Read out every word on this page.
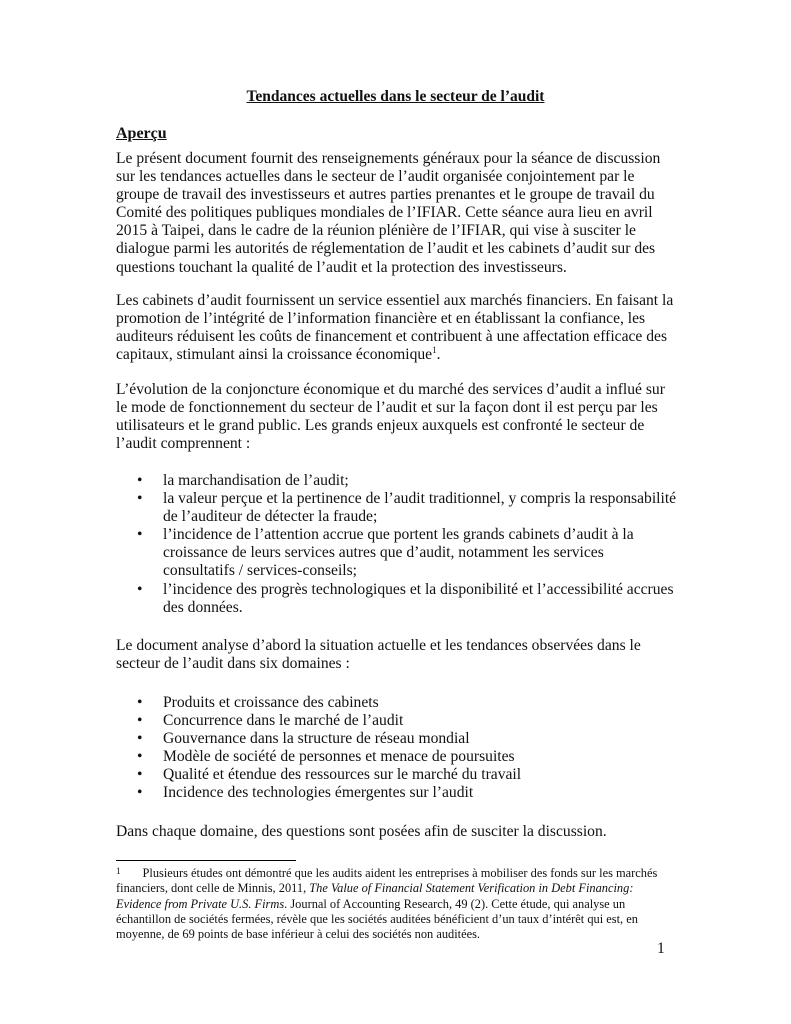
Tendances actuelles dans le secteur de l’audit
Aperçu

Le présent document fournit des renseignements généraux pour la séance de discussion sur les tendances actuelles dans le secteur de l’audit organisée conjointement par le groupe de travail des investisseurs et autres parties prenantes et le groupe de travail du Comité des politiques publiques mondiales de l’IFIAR. Cette séance aura lieu en avril 2015 à Taipei, dans le cadre de la réunion plénière de l’IFIAR, qui vise à susciter le dialogue parmi les autorités de réglementation de l’audit et les cabinets d’audit sur des questions touchant la qualité de l’audit et la protection des investisseurs.

Les cabinets d’audit fournissent un service essentiel aux marchés financiers. En faisant la promotion de l’intégrité de l’information financière et en établissant la confiance, les auditeurs réduisent les coûts de financement et contribuent à une affectation efficace des capitaux, stimulant ainsi la croissance économique$^1$.

L’évolution de la conjoncture économique et du marché des services d’audit a influé sur le mode de fonctionnement du secteur de l’audit et sur la façon dont il est perçu par les utilisateurs et le grand public. Les grands enjeux auxquels est confronté le secteur de l’audit comprennent :

• la marchandisation de l’audit;
• la valeur perçue et la pertinence de l’audit traditionnel, y compris la responsabilité de l’auditeur de détecter la fraude;
• l’incidence de l’attention accrue que portent les grands cabinets d’audit à la croissance de leurs services autres que d’audit, notamment les services consultatifs / services-conseils;
• l’incidence des progrès technologiques et la disponibilité et l’accessibilité accrues des données.

Le document analyse d’abord la situation actuelle et les tendances observées dans le secteur de l’audit dans six domaines :

• Produits et croissance des cabinets
• Concurrence dans le marché de l’audit
• Gouvernance dans la structure de réseau mondial
• Modèle de société de personnes et menace de poursuites
• Qualité et étendue des ressources sur le marché du travail
• Incidence des technologies émergentes sur l’audit

Dans chaque domaine, des questions sont posées afin de susciter la discussion.

$^1$ Plusieurs études ont démontré que les audits aident les entreprises à mobiliser des fonds sur les marchés financiers, dont celle de Minnis, 2011, The Value of Financial Statement Verification in Debt Financing: Evidence from Private U.S. Firms. Journal of Accounting Research, 49 (2). Cette étude, qui analyse un échantillon de sociétés fermées, révèle que les sociétés auditées bénéficient d’un taux d’intérêt qui est, en moyenne, de 69 points de base inférieur à celui des sociétés non auditées.

1
